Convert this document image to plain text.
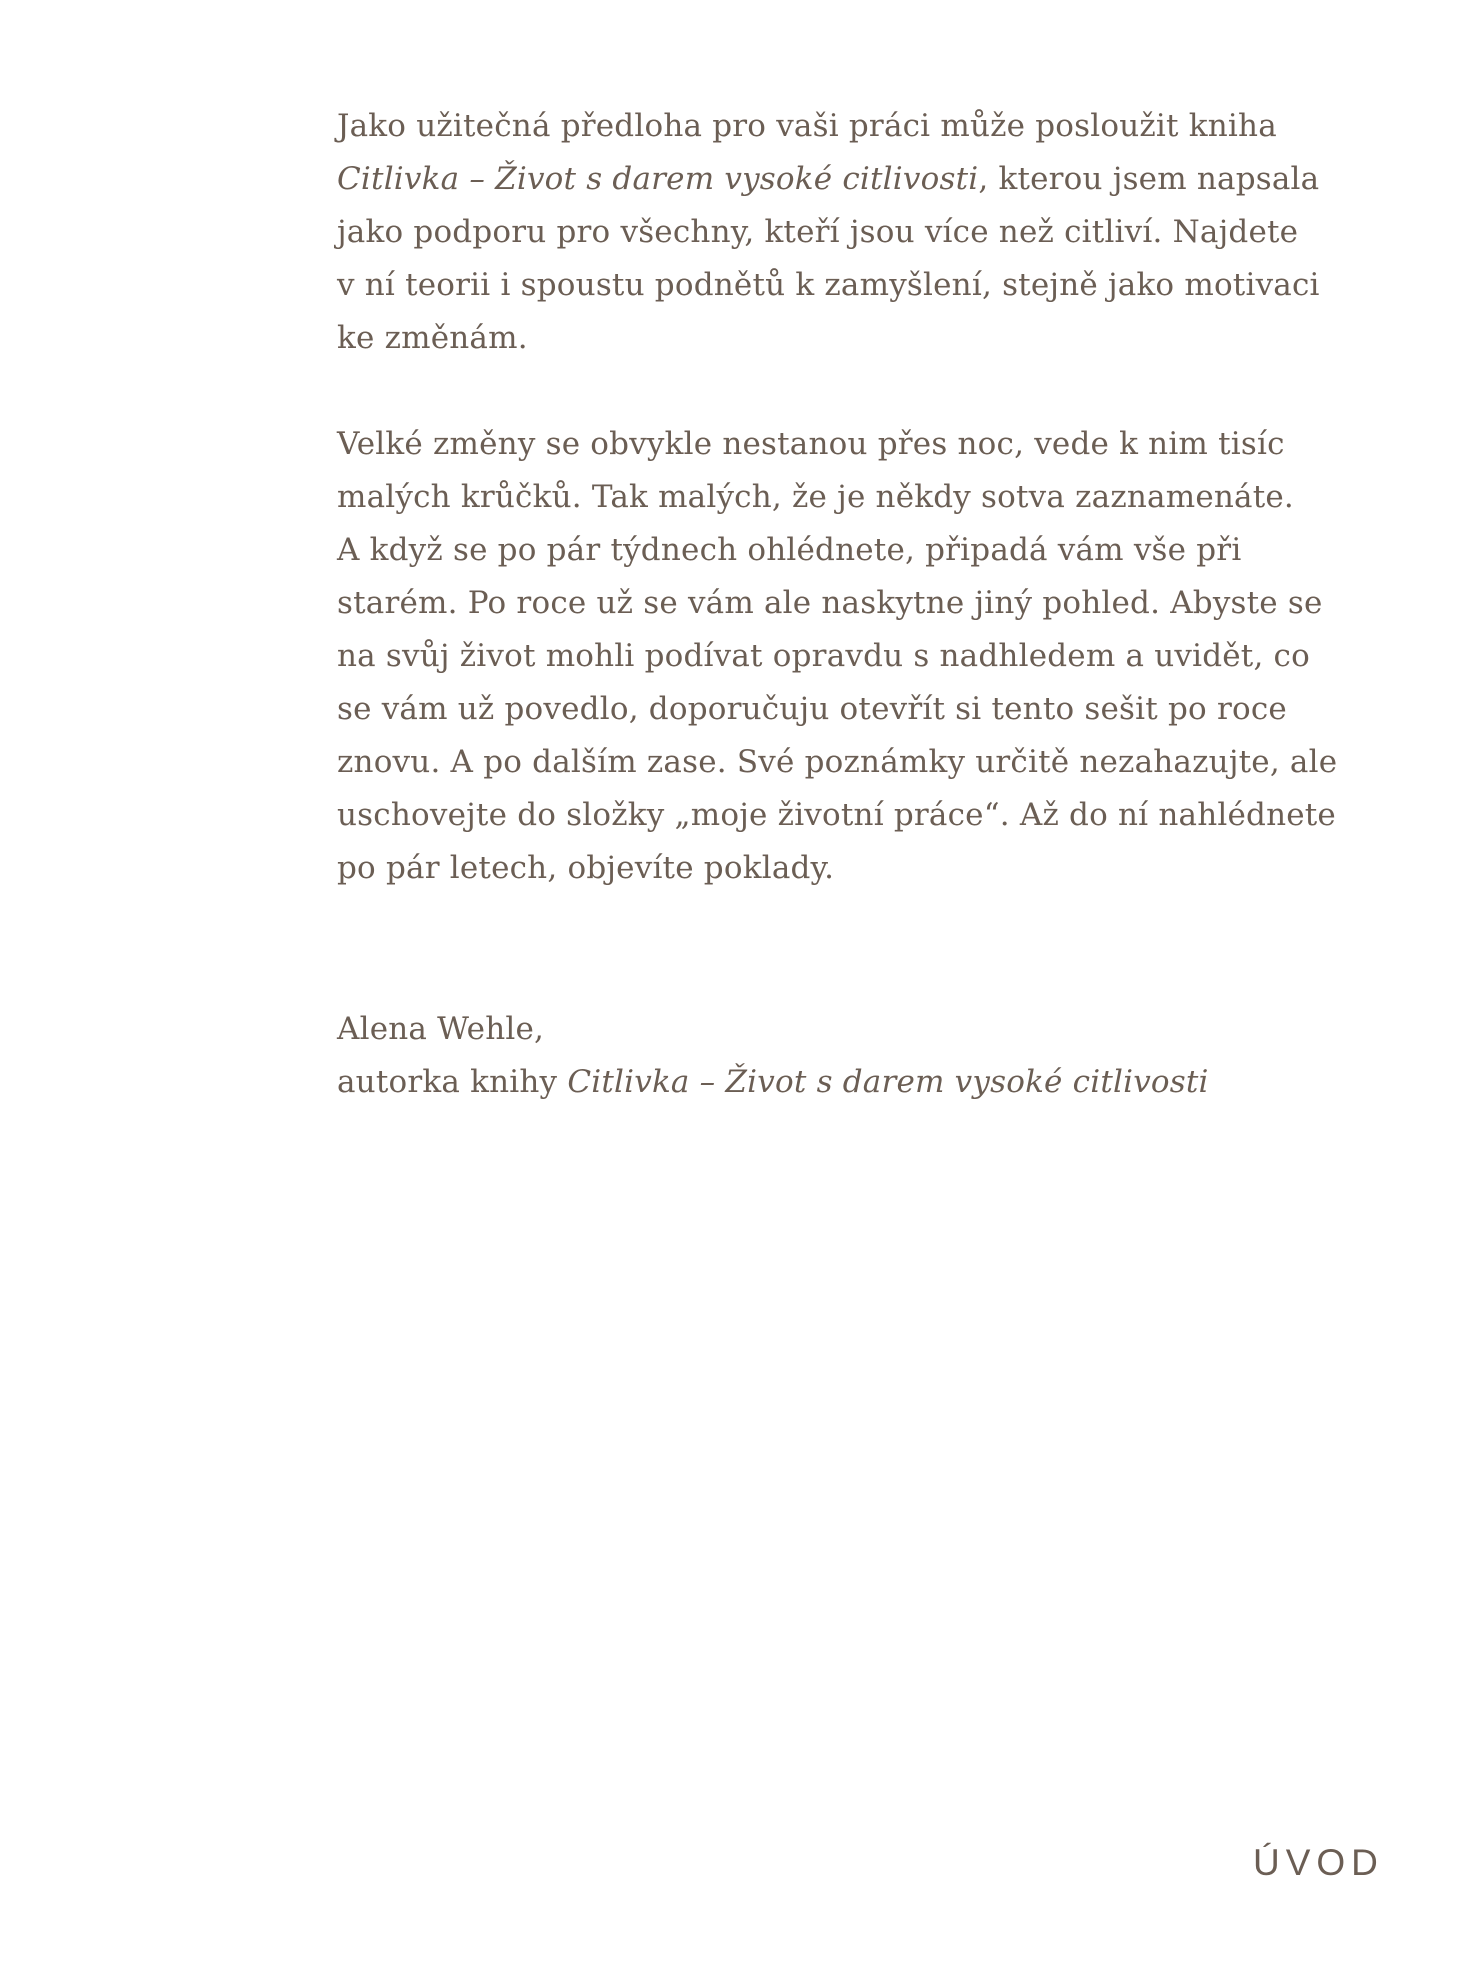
Jako užitečná předloha pro vaši práci může posloužit kniha
Citlivka – Život s darem vysoké citlivosti, kterou jsem napsala
jako podporu pro všechny, kteří jsou více než citliví. Najdete
v ní teorii i spoustu podnětů k zamyšlení, stejně jako motivaci
ke změnám.
Velké změny se obvykle nestanou přes noc, vede k nim tisíc
malých krůčků. Tak malých, že je někdy sotva zaznamenáte.
A když se po pár týdnech ohlédnete, připadá vám vše při
starém. Po roce už se vám ale naskytne jiný pohled. Abyste se
na svůj život mohli podívat opravdu s nadhledem a uvidět, co
se vám už povedlo, doporučuju otevřít si tento sešit po roce
znovu. A po dalším zase. Své poznámky určitě nezahazujte, ale
uschovejte do složky „moje životní práce“. Až do ní nahlédnete
po pár letech, objevíte poklady.
Alena Wehle,
autorka knihy Citlivka – Život s darem vysoké citlivosti
ÚVOD
